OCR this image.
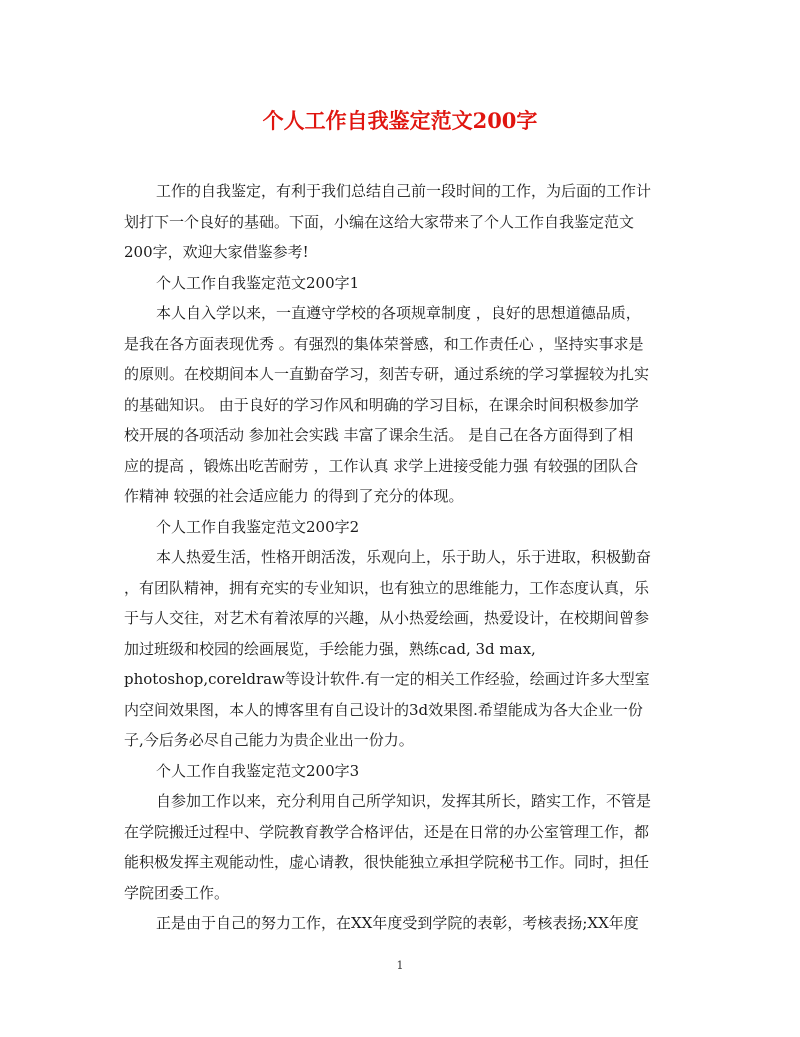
个人工作自我鉴定范文200字
工作的自我鉴定，有利于我们总结自己前一段时间的工作，为后面的工作计
划打下一个良好的基础。下面，小编在这给大家带来了个人工作自我鉴定范文
200字，欢迎大家借鉴参考!
个人工作自我鉴定范文200字1
本人自入学以来，一直遵守学校的各项规章制度 ，良好的思想道德品质，
是我在各方面表现优秀 。有强烈的集体荣誉感，和工作责任心 ，坚持实事求是
的原则。在校期间本人一直勤奋学习，刻苦专研，通过系统的学习掌握较为扎实
的基础知识。 由于良好的学习作风和明确的学习目标，在课余时间积极参加学
校开展的各项活动 参加社会实践 丰富了课余生活。 是自己在各方面得到了相
应的提高 ，锻炼出吃苦耐劳 ，工作认真 求学上进接受能力强 有较强的团队合
作精神 较强的社会适应能力 的得到了充分的体现。
个人工作自我鉴定范文200字2
本人热爱生活，性格开朗活泼，乐观向上，乐于助人，乐于进取，积极勤奋
，有团队精神，拥有充实的专业知识，也有独立的思维能力，工作态度认真，乐
于与人交往，对艺术有着浓厚的兴趣，从小热爱绘画，热爱设计，在校期间曾参
加过班级和校园的绘画展览，手绘能力强，熟练cad, 3d max,
photoshop,coreldraw等设计软件.有一定的相关工作经验，绘画过许多大型室
内空间效果图，本人的博客里有自己设计的3d效果图.希望能成为各大企业一份
子,今后务必尽自己能力为贵企业出一份力。
个人工作自我鉴定范文200字3
自参加工作以来，充分利用自己所学知识，发挥其所长，踏实工作，不管是
在学院搬迁过程中、学院教育教学合格评估，还是在日常的办公室管理工作，都
能积极发挥主观能动性，虚心请教，很快能独立承担学院秘书工作。同时，担任
学院团委工作。
正是由于自己的努力工作，在XX年度受到学院的表彰，考核表扬;XX年度
1
